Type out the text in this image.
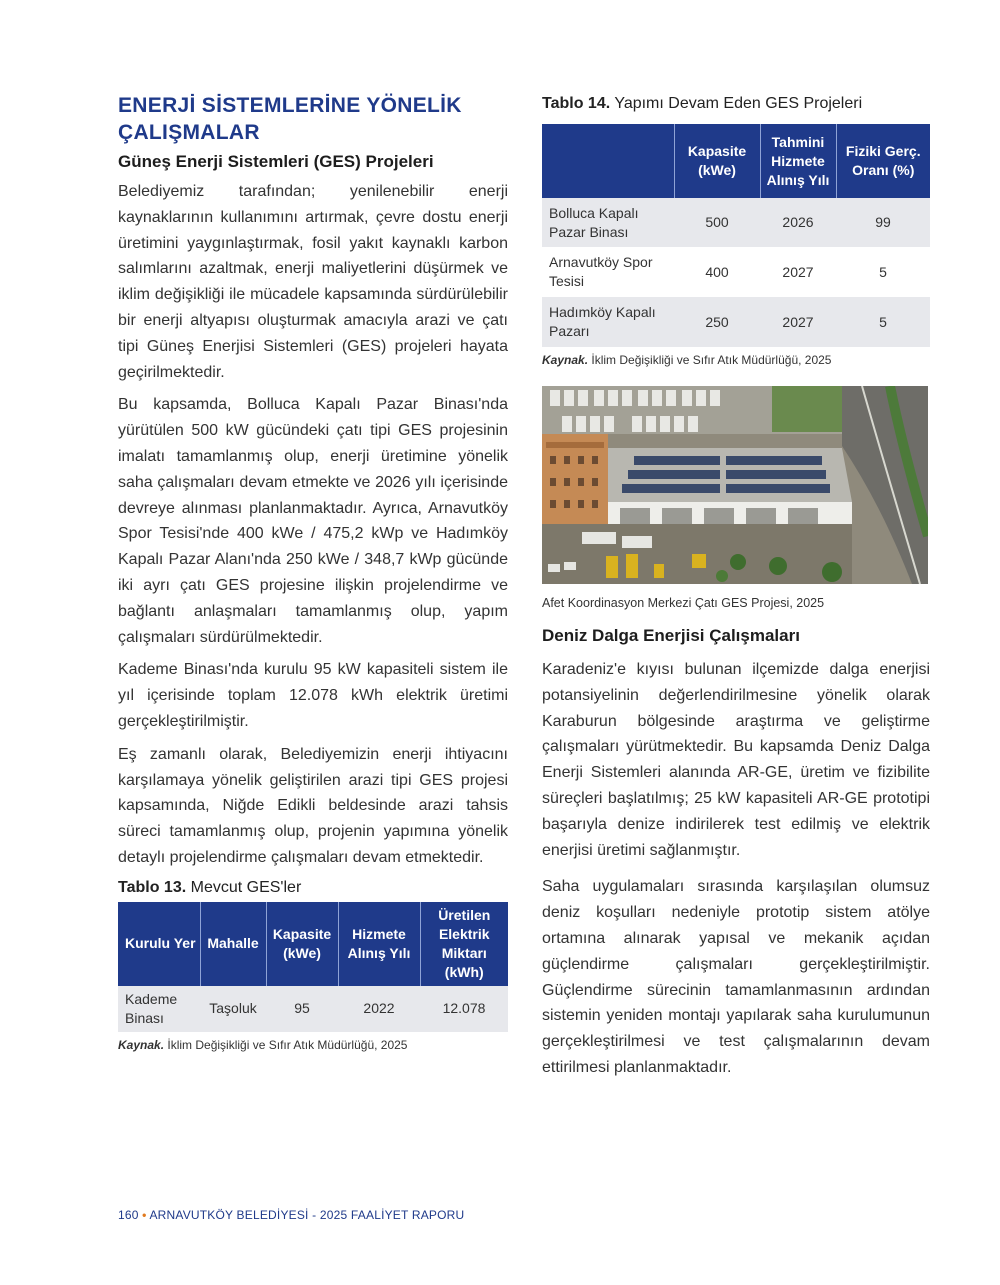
ENERJİ SİSTEMLERİNE YÖNELİK
ÇALIŞMALAR
Güneş Enerji Sistemleri (GES) Projeleri

Belediyemiz tarafından; yenilenebilir enerji kaynaklarının kullanımını artırmak, çevre dostu enerji üretimini yaygınlaştırmak, fosil yakıt kaynaklı karbon salımlarını azaltmak, enerji maliyetlerini düşürmek ve iklim değişikliği ile mücadele kapsamında sürdürülebilir bir enerji altyapısı oluşturmak amacıyla arazi ve çatı tipi Güneş Enerjisi Sistemleri (GES) projeleri hayata geçirilmektedir.

Bu kapsamda, Bolluca Kapalı Pazar Binası'nda yürütülen 500 kW gücündeki çatı tipi GES projesinin imalatı tamamlanmış olup, enerji üretimine yönelik saha çalışmaları devam etmekte ve 2026 yılı içerisinde devreye alınması planlanmaktadır. Ayrıca, Arnavutköy Spor Tesisi'nde 400 kWe / 475,2 kWp ve Hadımköy Kapalı Pazar Alanı'nda 250 kWe / 348,7 kWp gücünde iki ayrı çatı GES projesine ilişkin projelendirme ve bağlantı anlaşmaları tamamlanmış olup, yapım çalışmaları sürdürülmektedir.

Kademe Binası'nda kurulu 95 kW kapasiteli sistem ile yıl içerisinde toplam 12.078 kWh elektrik üretimi gerçekleştirilmiştir.

Eş zamanlı olarak, Belediyemizin enerji ihtiyacını karşılamaya yönelik geliştirilen arazi tipi GES projesi kapsamında, Niğde Edikli beldesinde arazi tahsis süreci tamamlanmış olup, projenin yapımına yönelik detaylı projelendirme çalışmaları devam etmektedir.

Tablo 13. Mevcut GES'ler
Kurulu Yer	Mahalle	Kapasite (kWe)	Hizmete Alınış Yılı	Üretilen Elektrik Miktarı (kWh)
Kademe Binası	Taşoluk	95	2022	12.078
Kaynak. İklim Değişikliği ve Sıfır Atık Müdürlüğü, 2025
Tablo 14. Yapımı Devam Eden GES Projeleri
	Kapasite (kWe)	Tahmini Hizmete Alınış Yılı	Fiziki Gerç. Oranı (%)
Bolluca Kapalı Pazar Binası	500	2026	99
Arnavutköy Spor Tesisi	400	2027	5
Hadımköy Kapalı Pazarı	250	2027	5
Kaynak. İklim Değişikliği ve Sıfır Atık Müdürlüğü, 2025
Afet Koordinasyon Merkezi Çatı GES Projesi, 2025
Deniz Dalga Enerjisi Çalışmaları

Karadeniz'e kıyısı bulunan ilçemizde dalga enerjisi potansiyelinin değerlendirilmesine yönelik olarak Karaburun bölgesinde araştırma ve geliştirme çalışmaları yürütmektedir. Bu kapsamda Deniz Dalga Enerji Sistemleri alanında AR-GE, üretim ve fizibilite süreçleri başlatılmış; 25 kW kapasiteli AR-GE prototipi başarıyla denize indirilerek test edilmiş ve elektrik enerjisi üretimi sağlanmıştır.

Saha uygulamaları sırasında karşılaşılan olumsuz deniz koşulları nedeniyle prototip sistem atölye ortamına alınarak yapısal ve mekanik açıdan güçlendirme çalışmaları gerçekleştirilmiştir. Güçlendirme sürecinin tamamlanmasının ardından sistemin yeniden montajı yapılarak saha kurulumunun gerçekleştirilmesi ve test çalışmalarının devam ettirilmesi planlanmaktadır.

160 • ARNAVUTKÖY BELEDİYESİ - 2025 FAALİYET RAPORU
